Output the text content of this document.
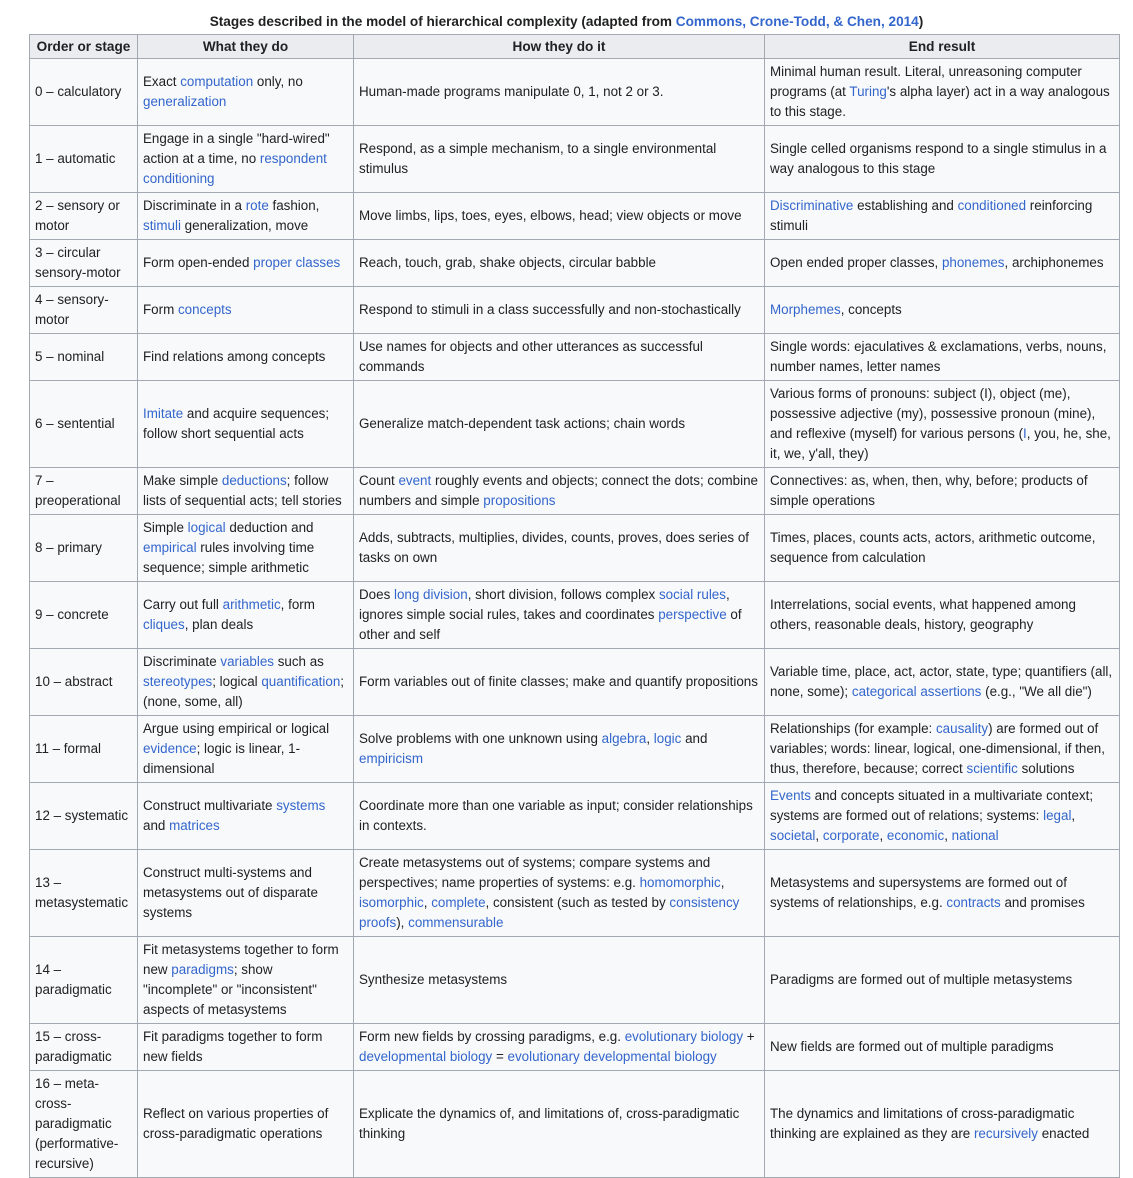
Stages described in the model of hierarchical complexity (adapted from Commons, Crone-Todd, & Chen, 2014)
Order or stage	What they do	How they do it	End result
0 – calculatory	Exact computation only, no generalization	Human-made programs manipulate 0, 1, not 2 or 3.	Minimal human result. Literal, unreasoning computer programs (at Turing's alpha layer) act in a way analogous to this stage.
1 – automatic	Engage in a single "hard-wired" action at a time, no respondent conditioning	Respond, as a simple mechanism, to a single environmental stimulus	Single celled organisms respond to a single stimulus in a way analogous to this stage
2 – sensory or motor	Discriminate in a rote fashion, stimuli generalization, move	Move limbs, lips, toes, eyes, elbows, head; view objects or move	Discriminative establishing and conditioned reinforcing stimuli
3 – circular sensory-motor	Form open-ended proper classes	Reach, touch, grab, shake objects, circular babble	Open ended proper classes, phonemes, archiphonemes
4 – sensory-motor	Form concepts	Respond to stimuli in a class successfully and non-stochastically	Morphemes, concepts
5 – nominal	Find relations among concepts	Use names for objects and other utterances as successful commands	Single words: ejaculatives & exclamations, verbs, nouns, number names, letter names
6 – sentential	Imitate and acquire sequences; follow short sequential acts	Generalize match-dependent task actions; chain words	Various forms of pronouns: subject (I), object (me), possessive adjective (my), possessive pronoun (mine), and reflexive (myself) for various persons (I, you, he, she, it, we, y'all, they)
7 – preoperational	Make simple deductions; follow lists of sequential acts; tell stories	Count event roughly events and objects; connect the dots; combine numbers and simple propositions	Connectives: as, when, then, why, before; products of simple operations
8 – primary	Simple logical deduction and empirical rules involving time sequence; simple arithmetic	Adds, subtracts, multiplies, divides, counts, proves, does series of tasks on own	Times, places, counts acts, actors, arithmetic outcome, sequence from calculation
9 – concrete	Carry out full arithmetic, form cliques, plan deals	Does long division, short division, follows complex social rules, ignores simple social rules, takes and coordinates perspective of other and self	Interrelations, social events, what happened among others, reasonable deals, history, geography
10 – abstract	Discriminate variables such as stereotypes; logical quantification; (none, some, all)	Form variables out of finite classes; make and quantify propositions	Variable time, place, act, actor, state, type; quantifiers (all, none, some); categorical assertions (e.g., "We all die")
11 – formal	Argue using empirical or logical evidence; logic is linear, 1-dimensional	Solve problems with one unknown using algebra, logic and empiricism	Relationships (for example: causality) are formed out of variables; words: linear, logical, one-dimensional, if then, thus, therefore, because; correct scientific solutions
12 – systematic	Construct multivariate systems and matrices	Coordinate more than one variable as input; consider relationships in contexts.	Events and concepts situated in a multivariate context; systems are formed out of relations; systems: legal, societal, corporate, economic, national
13 – metasystematic	Construct multi-systems and metasystems out of disparate systems	Create metasystems out of systems; compare systems and perspectives; name properties of systems: e.g. homomorphic, isomorphic, complete, consistent (such as tested by consistency proofs), commensurable	Metasystems and supersystems are formed out of systems of relationships, e.g. contracts and promises
14 – paradigmatic	Fit metasystems together to form new paradigms; show "incomplete" or "inconsistent" aspects of metasystems	Synthesize metasystems	Paradigms are formed out of multiple metasystems
15 – cross-paradigmatic	Fit paradigms together to form new fields	Form new fields by crossing paradigms, e.g. evolutionary biology + developmental biology = evolutionary developmental biology	New fields are formed out of multiple paradigms
16 – meta-cross-paradigmatic (performative-recursive)	Reflect on various properties of cross-paradigmatic operations	Explicate the dynamics of, and limitations of, cross-paradigmatic thinking	The dynamics and limitations of cross-paradigmatic thinking are explained as they are recursively enacted
